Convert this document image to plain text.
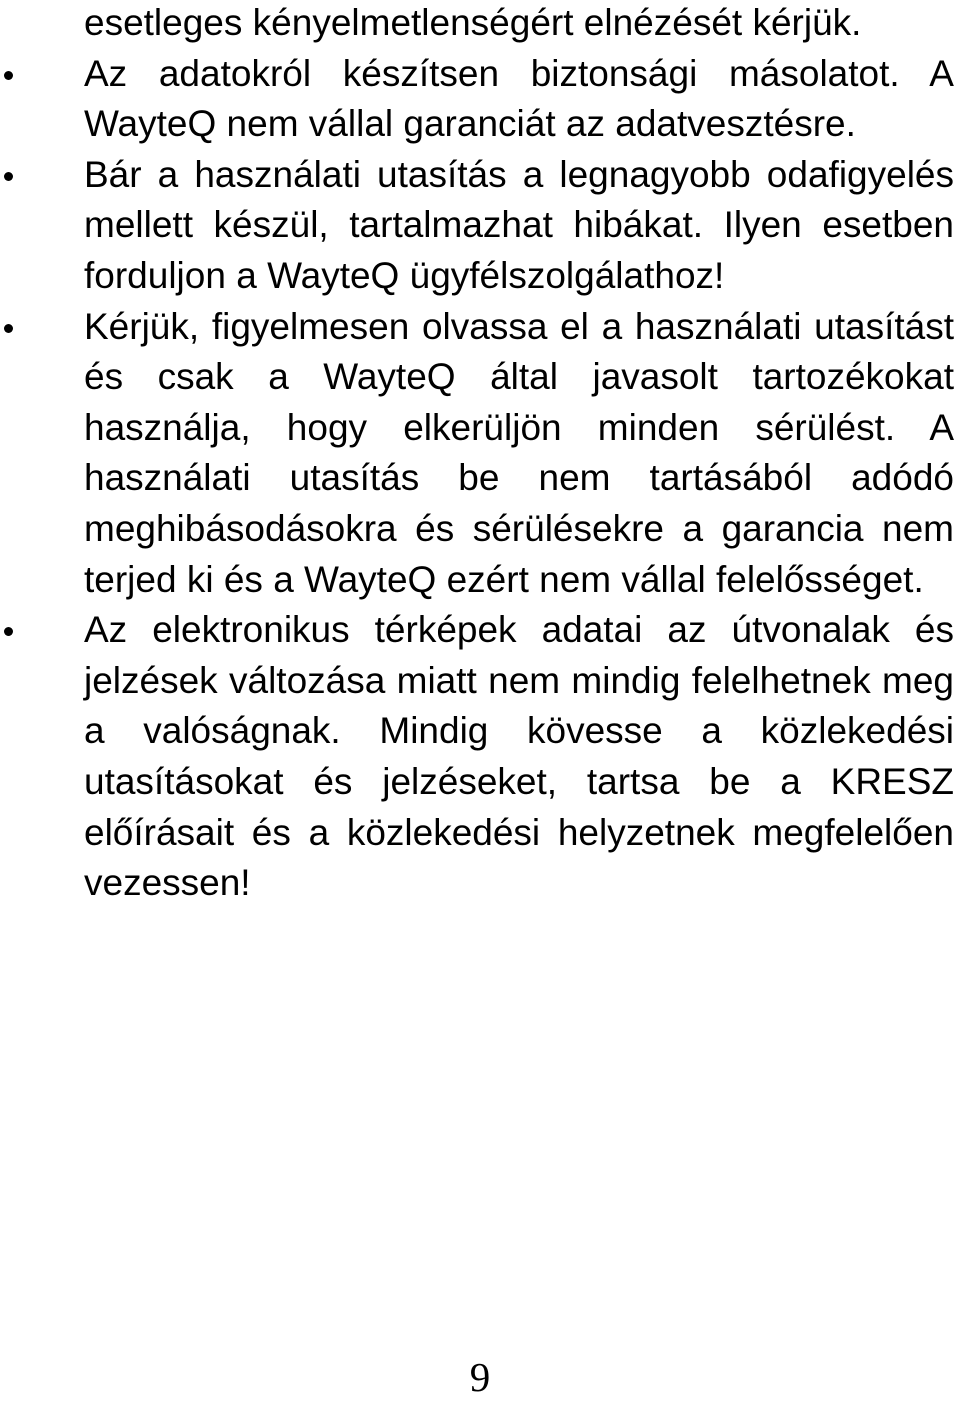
esetleges kényelmetlenségért elnézését kérjük.

Az adatokról készítsen biztonsági másolatot. A WayteQ nem vállal garanciát az adatvesztésre.

Bár a használati utasítás a legnagyobb odafigyelés mellett készül, tartalmazhat hibákat. Ilyen esetben forduljon a WayteQ ügyfélszolgálathoz!

Kérjük, figyelmesen olvassa el a használati utasítást és csak a WayteQ által javasolt tartozékokat használja, hogy elkerüljön minden sérülést. A használati utasítás be nem tartásából adódó meghibásodásokra és sérülésekre a garancia nem terjed ki és a WayteQ ezért nem vállal felelősséget.

Az elektronikus térképek adatai az útvonalak és jelzések változása miatt nem mindig felelhetnek meg a valóságnak. Mindig kövesse a közlekedési utasításokat és jelzéseket, tartsa be a KRESZ előírásait és a közlekedési helyzetnek megfelelően vezessen!

9
